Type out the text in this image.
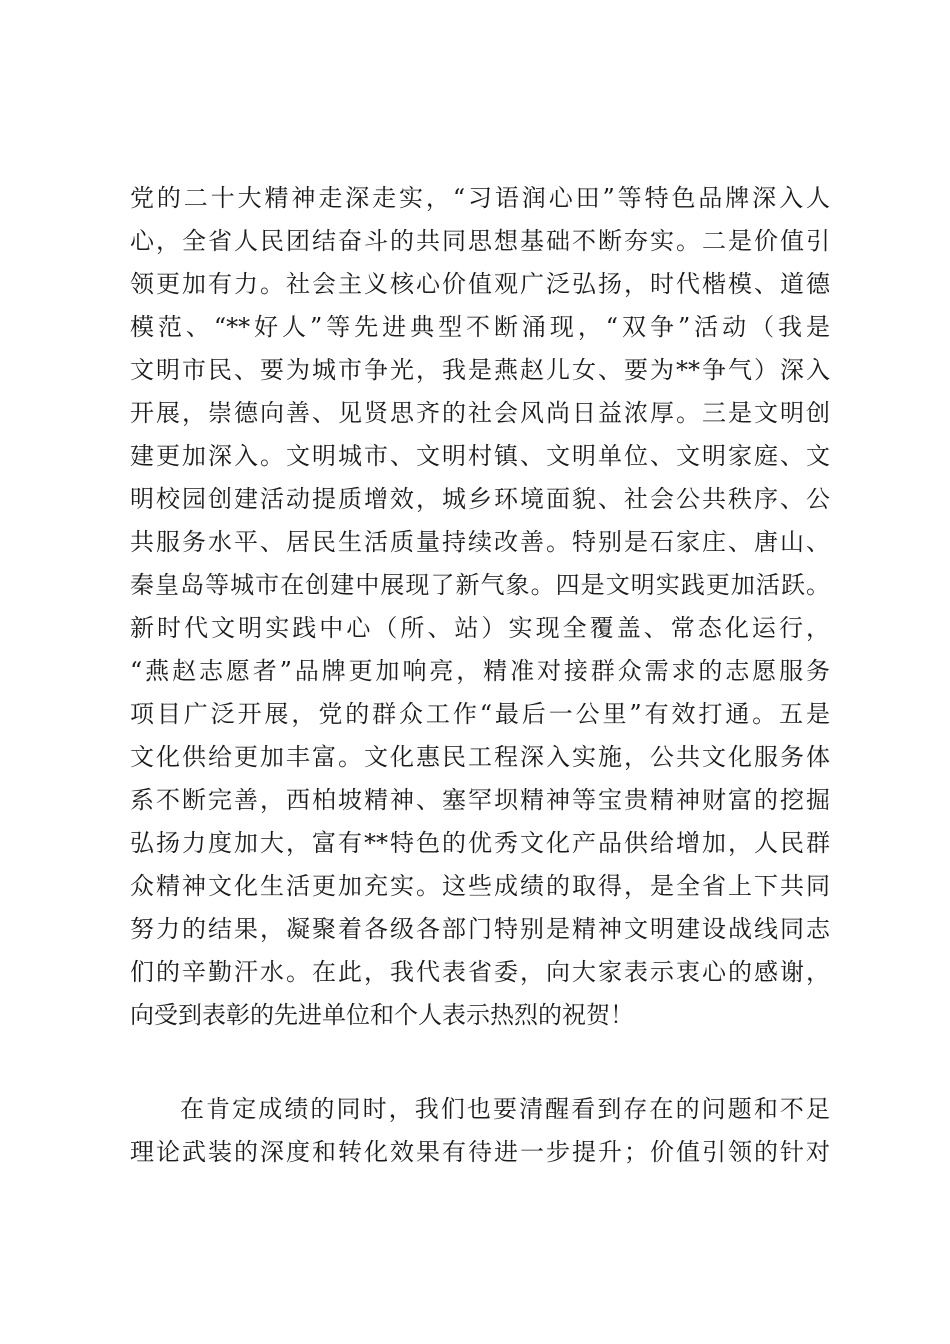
党的二十大精神走深走实，“习语润心田”等特色品牌深入人
心，全省人民团结奋斗的共同思想基础不断夯实。二是价值引
领更加有力。社会主义核心价值观广泛弘扬，时代楷模、道德
模范、“**好人”等先进典型不断涌现，“双争”活动（我是
文明市民、要为城市争光，我是燕赵儿女、要为**争气）深入
开展，崇德向善、见贤思齐的社会风尚日益浓厚。三是文明创
建更加深入。文明城市、文明村镇、文明单位、文明家庭、文
明校园创建活动提质增效，城乡环境面貌、社会公共秩序、公
共服务水平、居民生活质量持续改善。特别是石家庄、唐山、
秦皇岛等城市在创建中展现了新气象。四是文明实践更加活跃。
新时代文明实践中心（所、站）实现全覆盖、常态化运行，
“燕赵志愿者”品牌更加响亮，精准对接群众需求的志愿服务
项目广泛开展，党的群众工作“最后一公里”有效打通。五是
文化供给更加丰富。文化惠民工程深入实施，公共文化服务体
系不断完善，西柏坡精神、塞罕坝精神等宝贵精神财富的挖掘
弘扬力度加大，富有**特色的优秀文化产品供给增加，人民群
众精神文化生活更加充实。这些成绩的取得，是全省上下共同
努力的结果，凝聚着各级各部门特别是精神文明建设战线同志
们的辛勤汗水。在此，我代表省委，向大家表示衷心的感谢，
向受到表彰的先进单位和个人表示热烈的祝贺！
在肯定成绩的同时，我们也要清醒看到存在的问题和不足
理论武装的深度和转化效果有待进一步提升；价值引领的针对
